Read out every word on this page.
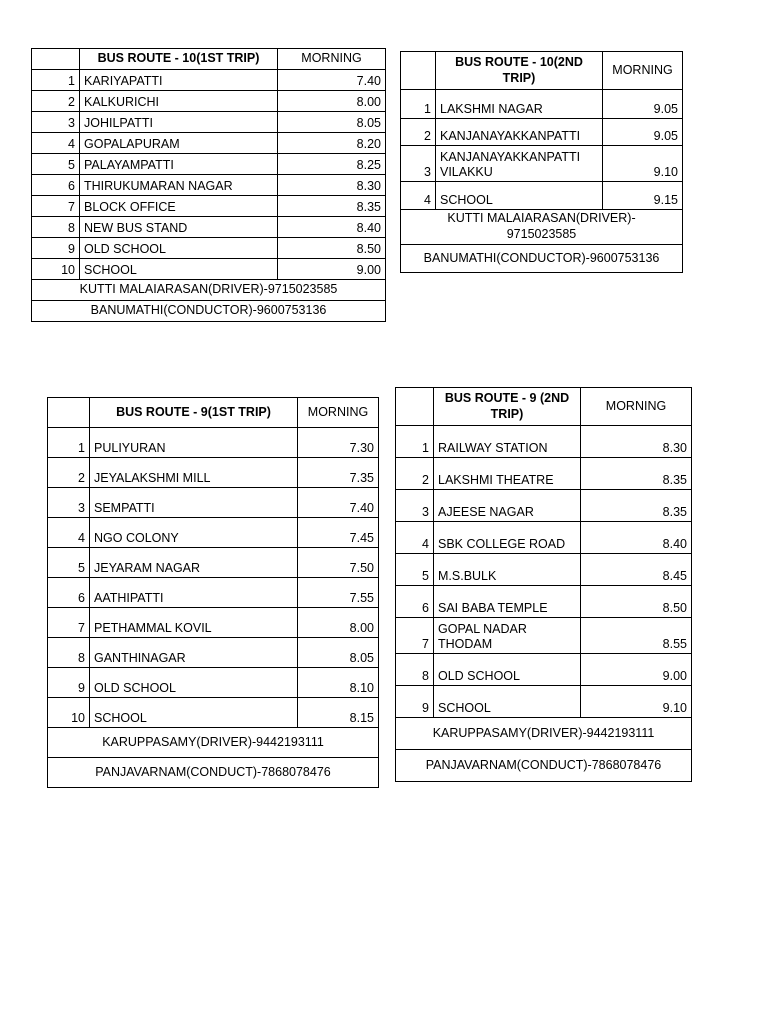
	BUS ROUTE - 10(1ST TRIP)	MORNING
1	KARIYAPATTI	7.40
2	KALKURICHI	8.00
3	JOHILPATTI	8.05
4	GOPALAPURAM	8.20
5	PALAYAMPATTI	8.25
6	THIRUKUMARAN NAGAR	8.30
7	BLOCK OFFICE	8.35
8	NEW BUS STAND	8.40
9	OLD SCHOOL	8.50
10	SCHOOL	9.00
KUTTI MALAIARASAN(DRIVER)-9715023585		
BANUMATHI(CONDUCTOR)-9600753136		

	BUS ROUTE - 10(2ND
TRIP)	MORNING
1	LAKSHMI NAGAR	9.05
2	KANJANAYAKKANPATTI	9.05
3	KANJANAYAKKANPATTI
VILAKKU	9.10
4	SCHOOL	9.15

KUTTI MALAIARASAN(DRIVER)-
9715023585		

BANUMATHI(CONDUCTOR)-9600753136		
	BUS ROUTE - 9(1ST TRIP)	MORNING
1	PULIYURAN	7.30
2	JEYALAKSHMI MILL	7.35
3	SEMPATTI	7.40
4	NGO COLONY	7.45
5	JEYARAM NAGAR	7.50
6	AATHIPATTI	7.55
7	PETHAMMAL KOVIL	8.00
8	GANTHINAGAR	8.05
9	OLD SCHOOL	8.10
10	SCHOOL	8.15
KARUPPASAMY(DRIVER)-9442193111		
PANJAVARNAM(CONDUCT)-7868078476		

	BUS ROUTE - 9 (2ND
TRIP)	MORNING
1	RAILWAY STATION	8.30
2	LAKSHMI THEATRE	8.35
3	AJEESE NAGAR	8.35
4	SBK COLLEGE ROAD	8.40
5	M.S.BULK	8.45
6	SAI BABA TEMPLE	8.50
7	GOPAL NADAR
THODAM	8.55
8	OLD SCHOOL	9.00
9	SCHOOL	9.10
KARUPPASAMY(DRIVER)-9442193111		
PANJAVARNAM(CONDUCT)-7868078476		
